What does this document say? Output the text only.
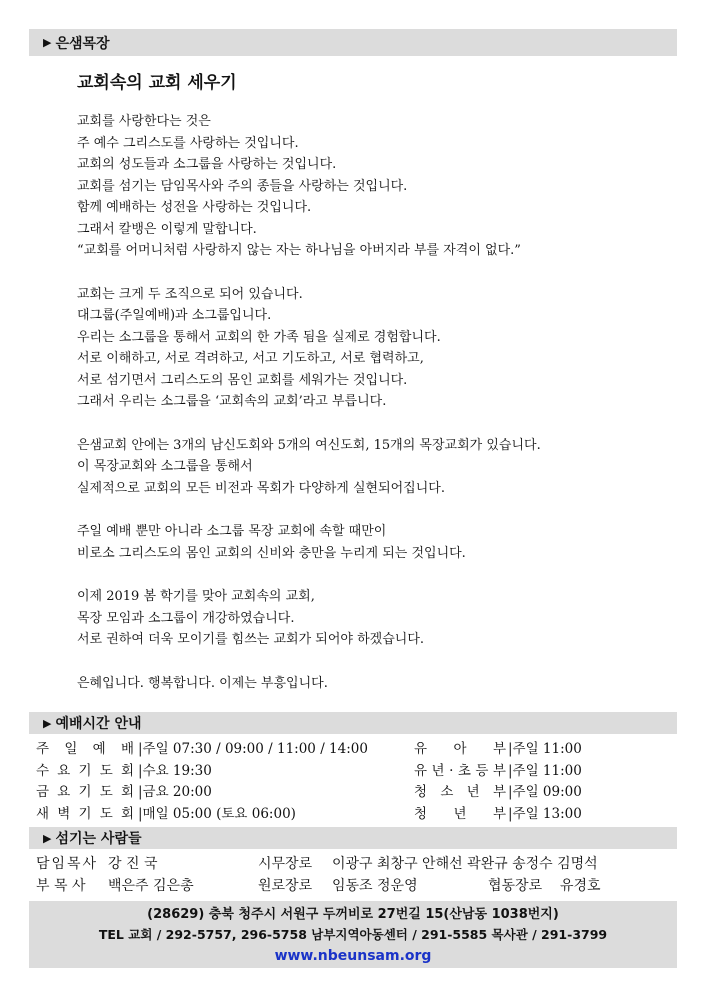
▶ 은샘목장
교회속의 교회 세우기
교회를 사랑한다는 것은
주 예수 그리스도를 사랑하는 것입니다.
교회의 성도들과 소그룹을 사랑하는 것입니다.
교회를 섬기는 담임목사와 주의 종들을 사랑하는 것입니다.
함께 예배하는 성전을 사랑하는 것입니다.
그래서 칼뱅은 이렇게 말합니다.
“교회를 어머니처럼 사랑하지 않는 자는 하나님을 아버지라 부를 자격이 없다.”
교회는 크게 두 조직으로 되어 있습니다.
대그룹(주일예배)과 소그룹입니다.
우리는 소그룹을 통해서 교회의 한 가족 됨을 실제로 경험합니다.
서로 이해하고, 서로 격려하고, 서고 기도하고, 서로 협력하고,
서로 섬기면서 그리스도의 몸인 교회를 세워가는 것입니다.
그래서 우리는 소그룹을 ‘교회속의 교회’라고 부릅니다.
은샘교회 안에는 3개의 남신도회와 5개의 여신도회, 15개의 목장교회가 있습니다.
이 목장교회와 소그룹을 통해서
실제적으로 교회의 모든 비전과 목회가 다양하게 실현되어집니다.
주일 예배 뿐만 아니라 소그룹 목장 교회에 속할 때만이
비로소 그리스도의 몸인 교회의 신비와 충만을 누리게 되는 것입니다.
이제 2019 봄 학기를 맞아 교회속의 교회,
목장 모임과 소그룹이 개강하였습니다.
서로 권하여 더욱 모이기를 힘쓰는 교회가 되어야 하겠습니다.
은혜입니다. 행복합니다. 이제는 부흥입니다.
▶ 예배시간 안내
주 일 예 배 |주일 07:30 / 09:00 / 11:00 / 14:00	유 아 부 |주일 11:00
수 요 기 도 회 |수요 19:30	유 년 · 초 등 부 |주일 11:00
금 요 기 도 회 |금요 20:00	청 소 년 부 |주일 09:00
새 벽 기 도 회 |매일 05:00 (토요 06:00)	청 년 부 |주일 13:00
▶ 섬기는 사람들
담 임 목 사 강 진 국	시무장로 이광구 최창구 안해선 곽완규 송정수 김명석
부 목 사	백은주 김은총	원로장로 임동조 정운영	협동장로 유경호
(28629) 충북 청주시 서원구 두꺼비로 27번길 15(산남동 1038번지)
TEL 교회 / 292-5757, 296-5758 남부지역아동센터 / 291-5585 목사관 / 291-3799
www.nbeunsam.org
